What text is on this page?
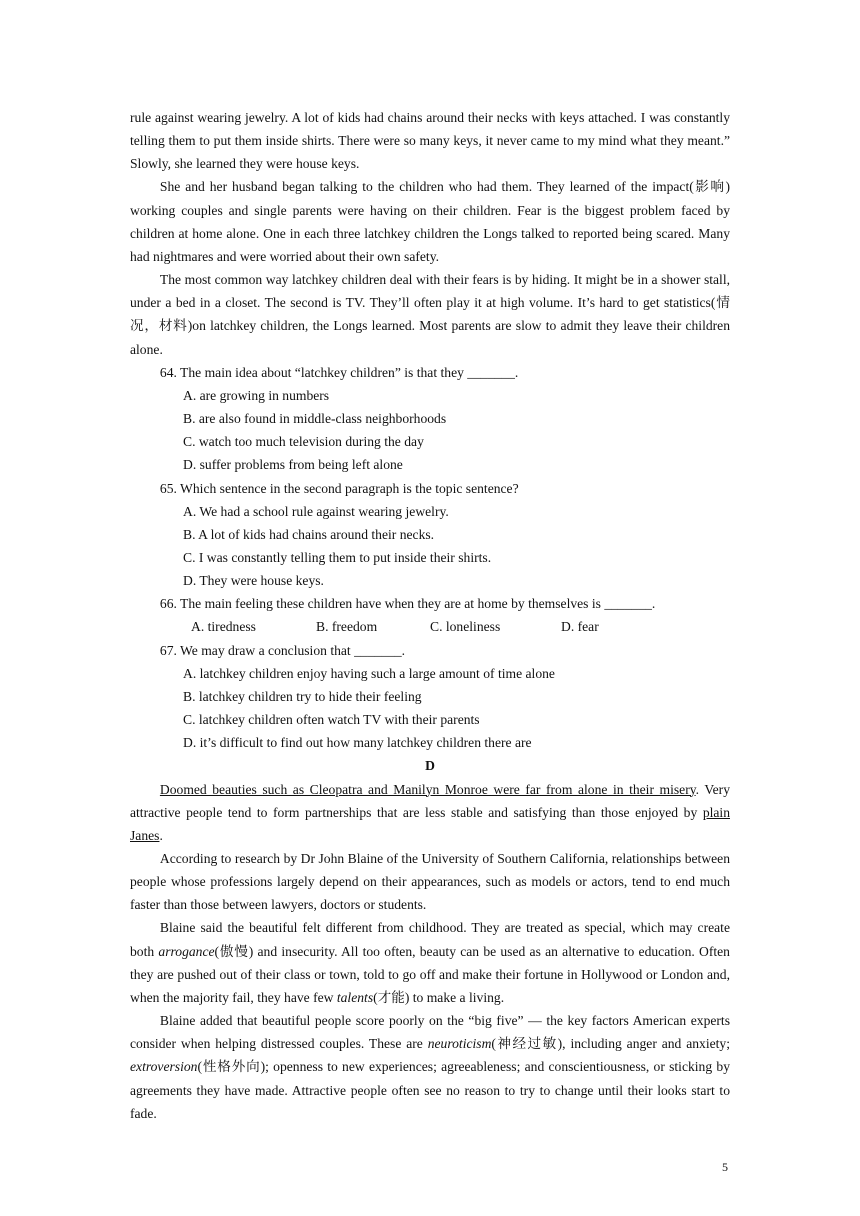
rule against wearing jewelry. A lot of kids had chains around their necks with keys attached. I was constantly telling them to put them inside shirts. There were so many keys, it never came to my mind what they meant.” Slowly, she learned they were house keys.

She and her husband began talking to the children who had them. They learned of the impact(影响) working couples and single parents were having on their children. Fear is the biggest problem faced by children at home alone. One in each three latchkey children the Longs talked to reported being scared. Many had nightmares and were worried about their own safety.

The most common way latchkey children deal with their fears is by hiding. It might be in a shower stall, under a bed in a closet. The second is TV. They’ll often play it at high volume. It’s hard to get statistics(情况，材料)on latchkey children, the Longs learned. Most parents are slow to admit they leave their children alone.

64. The main idea about “latchkey children” is that they _______.

A. are growing in numbers

B. are also found in middle-class neighborhoods

C. watch too much television during the day

D. suffer problems from being left alone

65. Which sentence in the second paragraph is the topic sentence?

A. We had a school rule against wearing jewelry.

B. A lot of kids had chains around their necks.

C. I was constantly telling them to put inside their shirts.

D. They were house keys.

66. The main feeling these children have when they are at home by themselves is _______.

A. tiredness	B. freedom	C. loneliness	D. fear

67. We may draw a conclusion that _______.

A. latchkey children enjoy having such a large amount of time alone

B. latchkey children try to hide their feeling

C. latchkey children often watch TV with their parents

D. it’s difficult to find out how many latchkey children there are

D

Doomed beauties such as Cleopatra and Manilyn Monroe were far from alone in their misery. Very attractive people tend to form partnerships that are less stable and satisfying than those enjoyed by plain Janes.

According to research by Dr John Blaine of the University of Southern California, relationships between people whose professions largely depend on their appearances, such as models or actors, tend to end much faster than those between lawyers, doctors or students.

Blaine said the beautiful felt different from childhood. They are treated as special, which may create both arrogance(傲慢) and insecurity. All too often, beauty can be used as an alternative to education. Often they are pushed out of their class or town, told to go off and make their fortune in Hollywood or London and, when the majority fail, they have few talents(才能) to make a living.

Blaine added that beautiful people score poorly on the “big five” — the key factors American experts consider when helping distressed couples. These are neuroticism(神经过敏), including anger and anxiety; extroversion(性格外向); openness to new experiences; agreeableness; and conscientiousness, or sticking by agreements they have made. Attractive people often see no reason to try to change until their looks start to fade.

5
